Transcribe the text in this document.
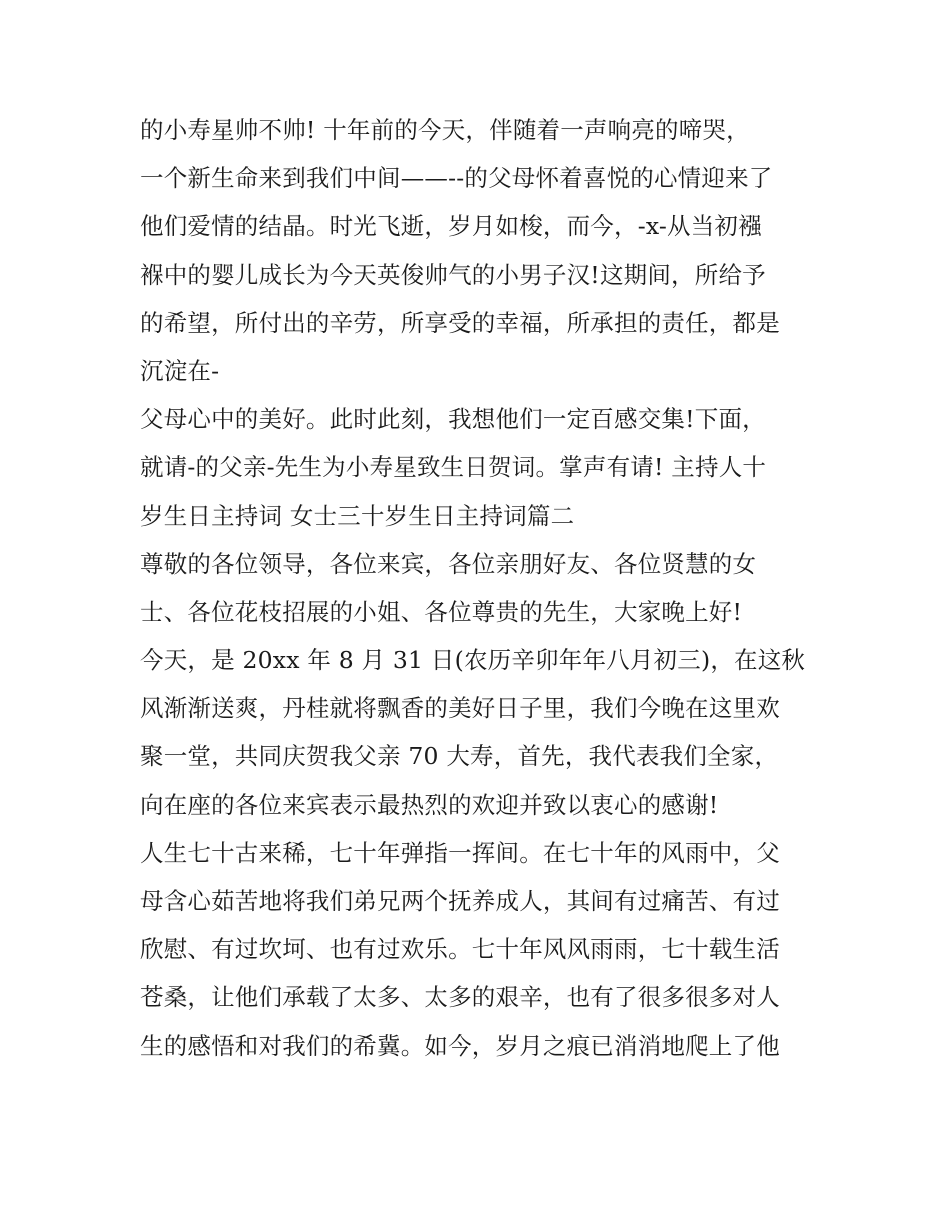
的小寿星帅不帅! 十年前的今天，伴随着一声响亮的啼哭，
一个新生命来到我们中间——--的父母怀着喜悦的心情迎来了
他们爱情的结晶。时光飞逝，岁月如梭，而今，-x-从当初襁
褓中的婴儿成长为今天英俊帅气的小男子汉!这期间，所给予
的希望，所付出的辛劳，所享受的幸福，所承担的责任，都是
沉淀在-
父母心中的美好。此时此刻，我想他们一定百感交集!下面，
就请-的父亲-先生为小寿星致生日贺词。掌声有请! 主持人十
岁生日主持词 女士三十岁生日主持词篇二
尊敬的各位领导，各位来宾，各位亲朋好友、各位贤慧的女
士、各位花枝招展的小姐、各位尊贵的先生，大家晚上好!
今天，是 20xx 年 8 月 31 日(农历辛卯年年八月初三)，在这秋
风渐渐送爽，丹桂就将飘香的美好日子里，我们今晚在这里欢
聚一堂，共同庆贺我父亲 70 大寿，首先，我代表我们全家，
向在座的各位来宾表示最热烈的欢迎并致以衷心的感谢!
人生七十古来稀，七十年弹指一挥间。在七十年的风雨中，父
母含心茹苦地将我们弟兄两个抚养成人，其间有过痛苦、有过
欣慰、有过坎坷、也有过欢乐。七十年风风雨雨，七十载生活
苍桑，让他们承载了太多、太多的艰辛，也有了很多很多对人
生的感悟和对我们的希冀。如今，岁月之痕已消消地爬上了他
